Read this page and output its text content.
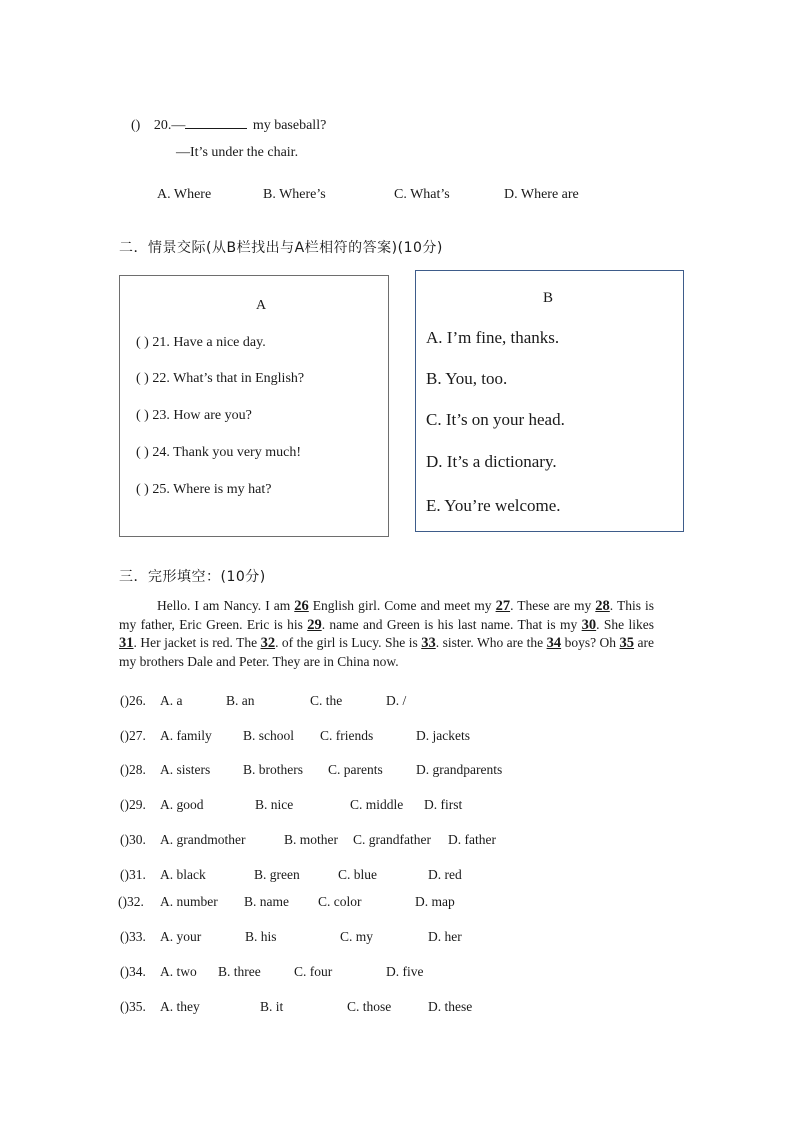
() 20.—	my baseball?
—It’s under the chair.
A. Where	B. Where’s	C. What’s	D. Where are
二．情景交际(从B栏找出与A栏相符的答案)(10分)
A
( ) 21. Have a nice day.
( ) 22. What’s that in English?
( ) 23. How are you?
( ) 24. Thank you very much!
( ) 25. Where is my hat?
B
A. I’m fine, thanks.
B. You, too.
C. It’s on your head.
D. It’s a dictionary.
E. You’re welcome.
三．完形填空：(10分)

Hello. I am Nancy. I am 26 English girl. Come and meet my 27. These are my 28. This is my father, Eric Green. Eric is his 29. name and Green is his last name. That is my 30. She likes 31. Her jacket is red. The 32. of the girl is Lucy. She is 33. sister. Who are the 34 boys? Oh 35 are my brothers Dale and Peter. They are in China now.

()26. A. a	B. an	C. the	D. /
()27. A. family B. school C. friends	D. jackets
()28. A. sisters B. brothers C. parents D. grandparents
()29. A. good	B. nice	C. middle D. first
()30. A. grandmother	B. mother C. grandfather D. father
()31. A. black	B. green	C. blue	D. red
()32. A. number B. name C. color	D. map
()33. A. your	B. his	C. my	D. her
()34. A. two B. three C. four	D. five
()35. A. they	B. it	C. those	D. these
